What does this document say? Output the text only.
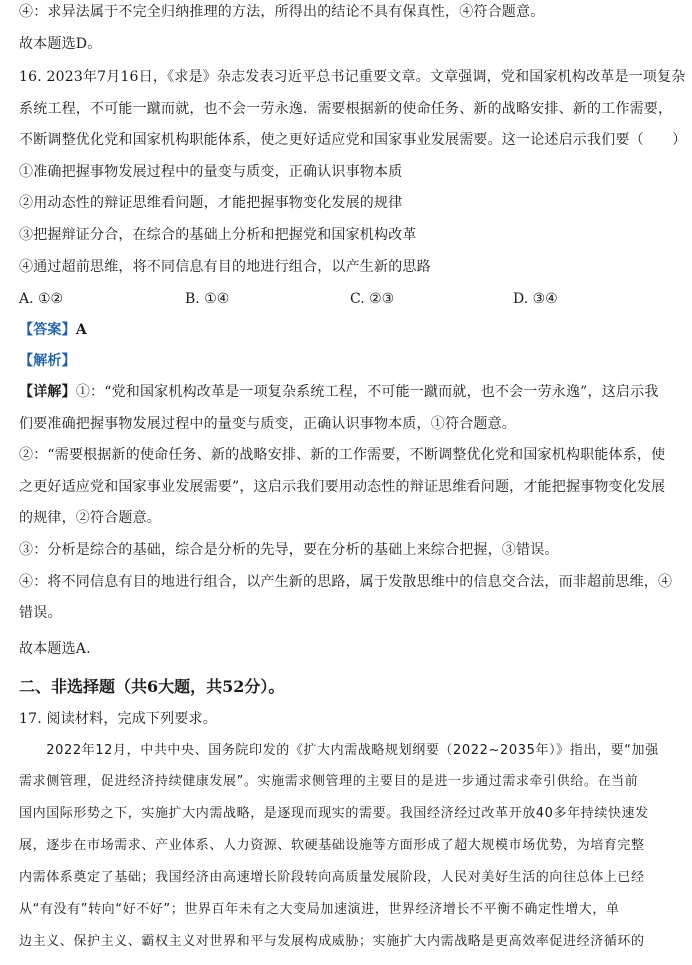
④：求异法属于不完全归纳推理的方法，所得出的结论不具有保真性，④符合题意。
故本题选D。
16. 2023年7月16日，《求是》杂志发表习近平总书记重要文章。文章强调，党和国家机构改革是一项复杂
系统工程，不可能一蹴而就，也不会一劳永逸．需要根据新的使命任务、新的战略安排、新的工作需要，
不断调整优化党和国家机构职能体系，使之更好适应党和国家事业发展需要。这一论述启示我们要（　　）
①准确把握事物发展过程中的量变与质变，正确认识事物本质
②用动态性的辩证思维看问题，才能把握事物变化发展的规律
③把握辩证分合，在综合的基础上分析和把握党和国家机构改革
④通过超前思维，将不同信息有目的地进行组合，以产生新的思路
A. ①②	B. ①④	C. ②③	D. ③④
【答案】A
【解析】
【详解】①：“党和国家机构改革是一项复杂系统工程，不可能一蹴而就，也不会一劳永逸”，这启示我
们要准确把握事物发展过程中的量变与质变，正确认识事物本质，①符合题意。
②：“需要根据新的使命任务、新的战略安排、新的工作需要，不断调整优化党和国家机构职能体系，使
之更好适应党和国家事业发展需要”，这启示我们要用动态性的辩证思维看问题，才能把握事物变化发展
的规律，②符合题意。
③：分析是综合的基础，综合是分析的先导，要在分析的基础上来综合把握，③错误。
④：将不同信息有目的地进行组合，以产生新的思路，属于发散思维中的信息交合法，而非超前思维，④
错误。
故本题选A.
二、非选择题（共6大题，共52分）。
17. 阅读材料，完成下列要求。
　　2022年12月，中共中央、国务院印发的《扩大内需战略规划纲要（2022~2035年）》指出，要“加强
需求侧管理，促进经济持续健康发展”。实施需求侧管理的主要目的是进一步通过需求牵引供给。在当前
国内国际形势之下，实施扩大内需战略，是逐现而现实的需要。我国经济经过改革开放40多年持续快速发
展，逐步在市场需求、产业体系、人力资源、软硬基础设施等方面形成了超大规模市场优势，为培育完整
内需体系奠定了基础；我国经济由高速增长阶段转向高质量发展阶段，人民对美好生活的向往总体上已经
从“有没有”转向“好不好”；世界百年未有之大变局加速演进，世界经济增长不平衡不确定性增大，单
边主义、保护主义、霸权主义对世界和平与发展构成威胁；实施扩大内需战略是更高效率促进经济循环的
